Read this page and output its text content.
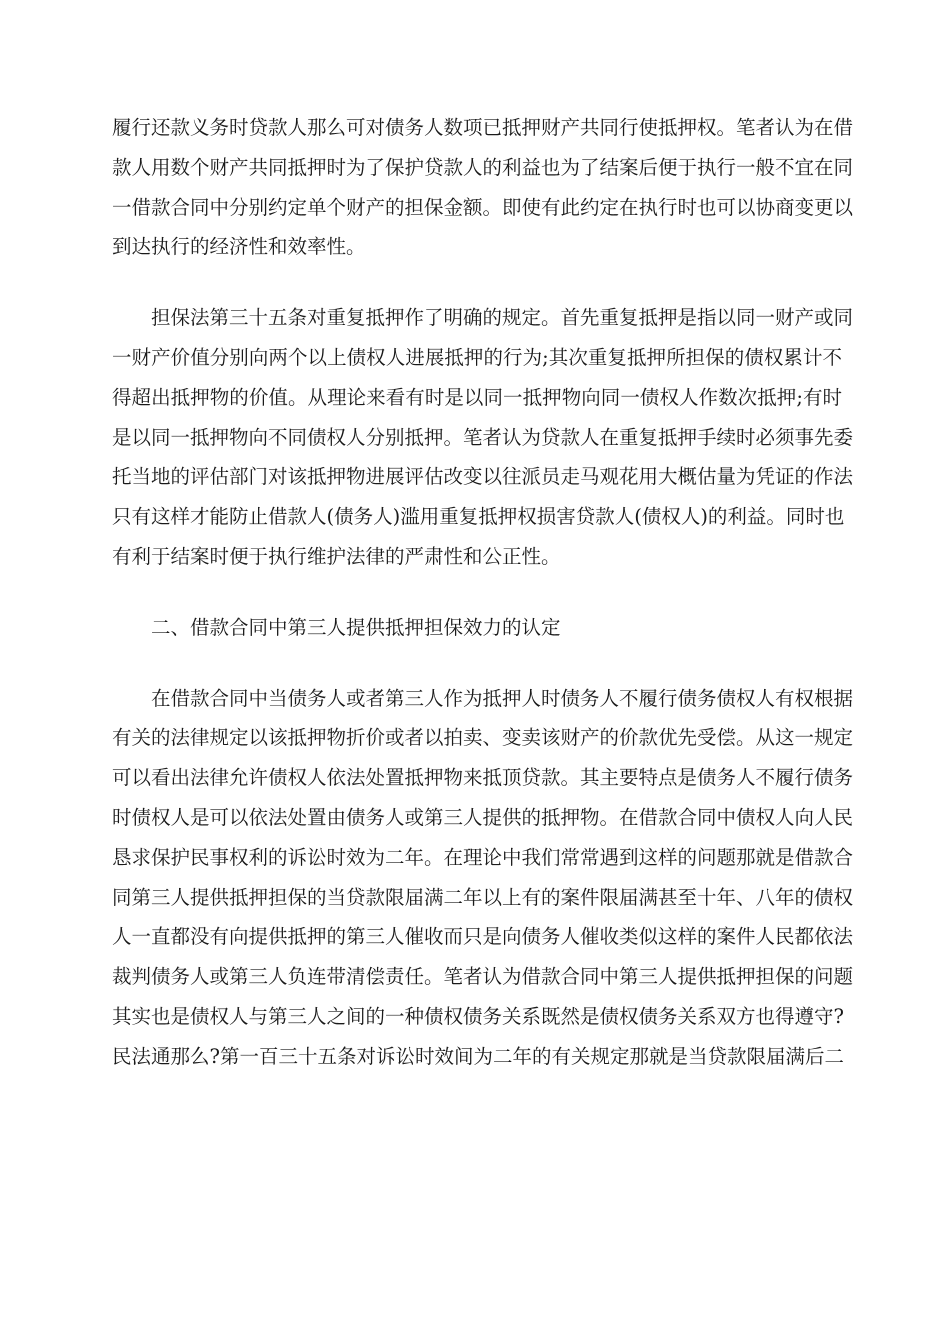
履行还款义务时贷款人那么可对债务人数项已抵押财产共同行使抵押权。笔者认为在借
款人用数个财产共同抵押时为了保护贷款人的利益也为了结案后便于执行一般不宜在同
一借款合同中分别约定单个财产的担保金额。即使有此约定在执行时也可以协商变更以
到达执行的经济性和效率性。
担保法第三十五条对重复抵押作了明确的规定。首先重复抵押是指以同一财产或同
一财产价值分别向两个以上债权人进展抵押的行为;其次重复抵押所担保的债权累计不
得超出抵押物的价值。从理论来看有时是以同一抵押物向同一债权人作数次抵押;有时
是以同一抵押物向不同债权人分别抵押。笔者认为贷款人在重复抵押手续时必须事先委
托当地的评估部门对该抵押物进展评估改变以往派员走马观花用大概估量为凭证的作法
只有这样才能防止借款人(债务人)滥用重复抵押权损害贷款人(债权人)的利益。同时也
有利于结案时便于执行维护法律的严肃性和公正性。
二、借款合同中第三人提供抵押担保效力的认定
在借款合同中当债务人或者第三人作为抵押人时债务人不履行债务债权人有权根据
有关的法律规定以该抵押物折价或者以拍卖、变卖该财产的价款优先受偿。从这一规定
可以看出法律允许债权人依法处置抵押物来抵顶贷款。其主要特点是债务人不履行债务
时债权人是可以依法处置由债务人或第三人提供的抵押物。在借款合同中债权人向人民
恳求保护民事权利的诉讼时效为二年。在理论中我们常常遇到这样的问题那就是借款合
同第三人提供抵押担保的当贷款限届满二年以上有的案件限届满甚至十年、八年的债权
人一直都没有向提供抵押的第三人催收而只是向债务人催收类似这样的案件人民都依法
裁判债务人或第三人负连带清偿责任。笔者认为借款合同中第三人提供抵押担保的问题
其实也是债权人与第三人之间的一种债权债务关系既然是债权债务关系双方也得遵守?
民法通那么?第一百三十五条对诉讼时效间为二年的有关规定那就是当贷款限届满后二
